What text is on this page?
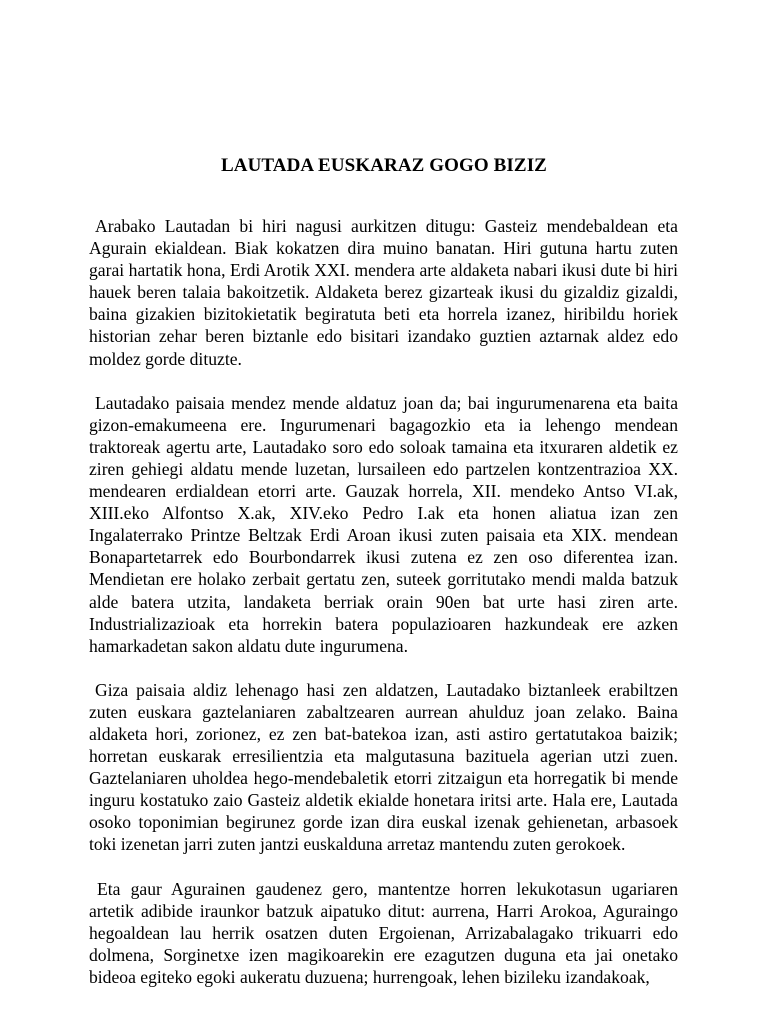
LAUTADA EUSKARAZ GOGO BIZIZ

Arabako Lautadan bi hiri nagusi aurkitzen ditugu: Gasteiz mendebaldean eta Agurain ekialdean. Biak kokatzen dira muino banatan. Hiri gutuna hartu zuten garai hartatik hona, Erdi Arotik XXI. mendera arte aldaketa nabari ikusi dute bi hiri hauek beren talaia bakoitzetik. Aldaketa berez gizarteak ikusi du gizaldiz gizaldi, baina gizakien bizitokietatik begiratuta beti eta horrela izanez, hiribildu horiek historian zehar beren biztanle edo bisitari izandako guztien aztarnak aldez edo moldez gorde dituzte.

Lautadako paisaia mendez mende aldatuz joan da; bai ingurumenarena eta baita gizon-emakumeena ere. Ingurumenari bagagozkio eta ia lehengo mendean traktoreak agertu arte, Lautadako soro edo soloak tamaina eta itxuraren aldetik ez ziren gehiegi aldatu mende luzetan, lursaileen edo partzelen kontzentrazioa XX. mendearen erdialdean etorri arte. Gauzak horrela, XII. mendeko Antso VI.ak, XIII.eko Alfontso X.ak, XIV.eko Pedro I.ak eta honen aliatua izan zen Ingalaterrako Printze Beltzak Erdi Aroan ikusi zuten paisaia eta XIX. mendean Bonapartetarrek edo Bourbondarrek ikusi zutena ez zen oso diferentea izan. Mendietan ere holako zerbait gertatu zen, suteek gorritutako mendi malda batzuk alde batera utzita, landaketa berriak orain 90en bat urte hasi ziren arte. Industrializazioak eta horrekin batera populazioaren hazkundeak ere azken hamarkadetan sakon aldatu dute ingurumena.

Giza paisaia aldiz lehenago hasi zen aldatzen, Lautadako biztanleek erabiltzen zuten euskara gaztelaniaren zabaltzearen aurrean ahulduz joan zelako. Baina aldaketa hori, zorionez, ez zen bat-batekoa izan, asti astiro gertatutakoa baizik; horretan euskarak erresilientzia eta malgutasuna bazituela agerian utzi zuen. Gaztelaniaren uholdea hego-mendebaletik etorri zitzaigun eta horregatik bi mende inguru kostatuko zaio Gasteiz aldetik ekialde honetara iritsi arte. Hala ere, Lautada osoko toponimian begirunez gorde izan dira euskal izenak gehienetan, arbasoek toki izenetan jarri zuten jantzi euskalduna arretaz mantendu zuten gerokoek.

Eta gaur Agurainen gaudenez gero, mantentze horren lekukotasun ugariaren artetik adibide iraunkor batzuk aipatuko ditut: aurrena, Harri Arokoa, Aguraingo hegoaldean lau herrik osatzen duten Ergoienan, Arrizabalagako trikuarri edo dolmena, Sorginetxe izen magikoarekin ere ezagutzen duguna eta jai onetako bideoa egiteko egoki aukeratu duzuena; hurrengoak, lehen bizileku izandakoak,
